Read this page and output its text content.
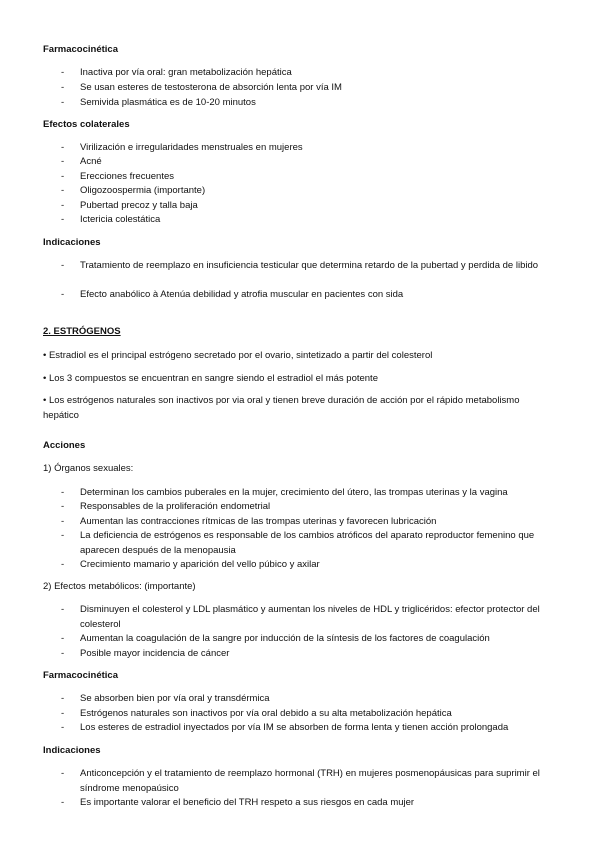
Farmacocinética
- Inactiva por vía oral: gran metabolización hepática
- Se usan esteres de testosterona de absorción lenta por vía IM
- Semivida plasmática es de 10-20 minutos
Efectos colaterales
- Virilización e irregularidades menstruales en mujeres
- Acné
- Erecciones frecuentes
- Oligozoospermia (importante)
- Pubertad precoz y talla baja
- Ictericia colestática
Indicaciones
- Tratamiento de reemplazo en insuficiencia testicular que determina retardo de la pubertad y perdida de libido
- Efecto anabólico à Atenúa debilidad y atrofia muscular en pacientes con sida
2. ESTRÓGENOS
• Estradiol es el principal estrógeno secretado por el ovario, sintetizado a partir del colesterol
• Los 3 compuestos se encuentran en sangre siendo el estradiol el más potente
• Los estrógenos naturales son inactivos por via oral y tienen breve duración de acción por el rápido metabolismo hepático
Acciones
1) Órganos sexuales:
- Determinan los cambios puberales en la mujer, crecimiento del útero, las trompas uterinas y la vagina
- Responsables de la proliferación endometrial
- Aumentan las contracciones rítmicas de las trompas uterinas y favorecen lubricación
- La deficiencia de estrógenos es responsable de los cambios atróficos del aparato reproductor femenino que aparecen después de la menopausia
- Crecimiento mamario y aparición del vello púbico y axilar
2) Efectos metabólicos: (importante)
- Disminuyen el colesterol y LDL plasmático y aumentan los niveles de HDL y triglicéridos: efector protector del colesterol
- Aumentan la coagulación de la sangre por inducción de la síntesis de los factores de coagulación
- Posible mayor incidencia de cáncer
Farmacocinética
- Se absorben bien por vía oral y transdérmica
- Estrógenos naturales son inactivos por vía oral debido a su alta metabolización hepática
- Los esteres de estradiol inyectados por vía IM se absorben de forma lenta y tienen acción prolongada
Indicaciones
- Anticoncepción y el tratamiento de reemplazo hormonal (TRH) en mujeres posmenopáusicas para suprimir el síndrome menopaúsico
- Es importante valorar el beneficio del TRH respeto a sus riesgos en cada mujer
